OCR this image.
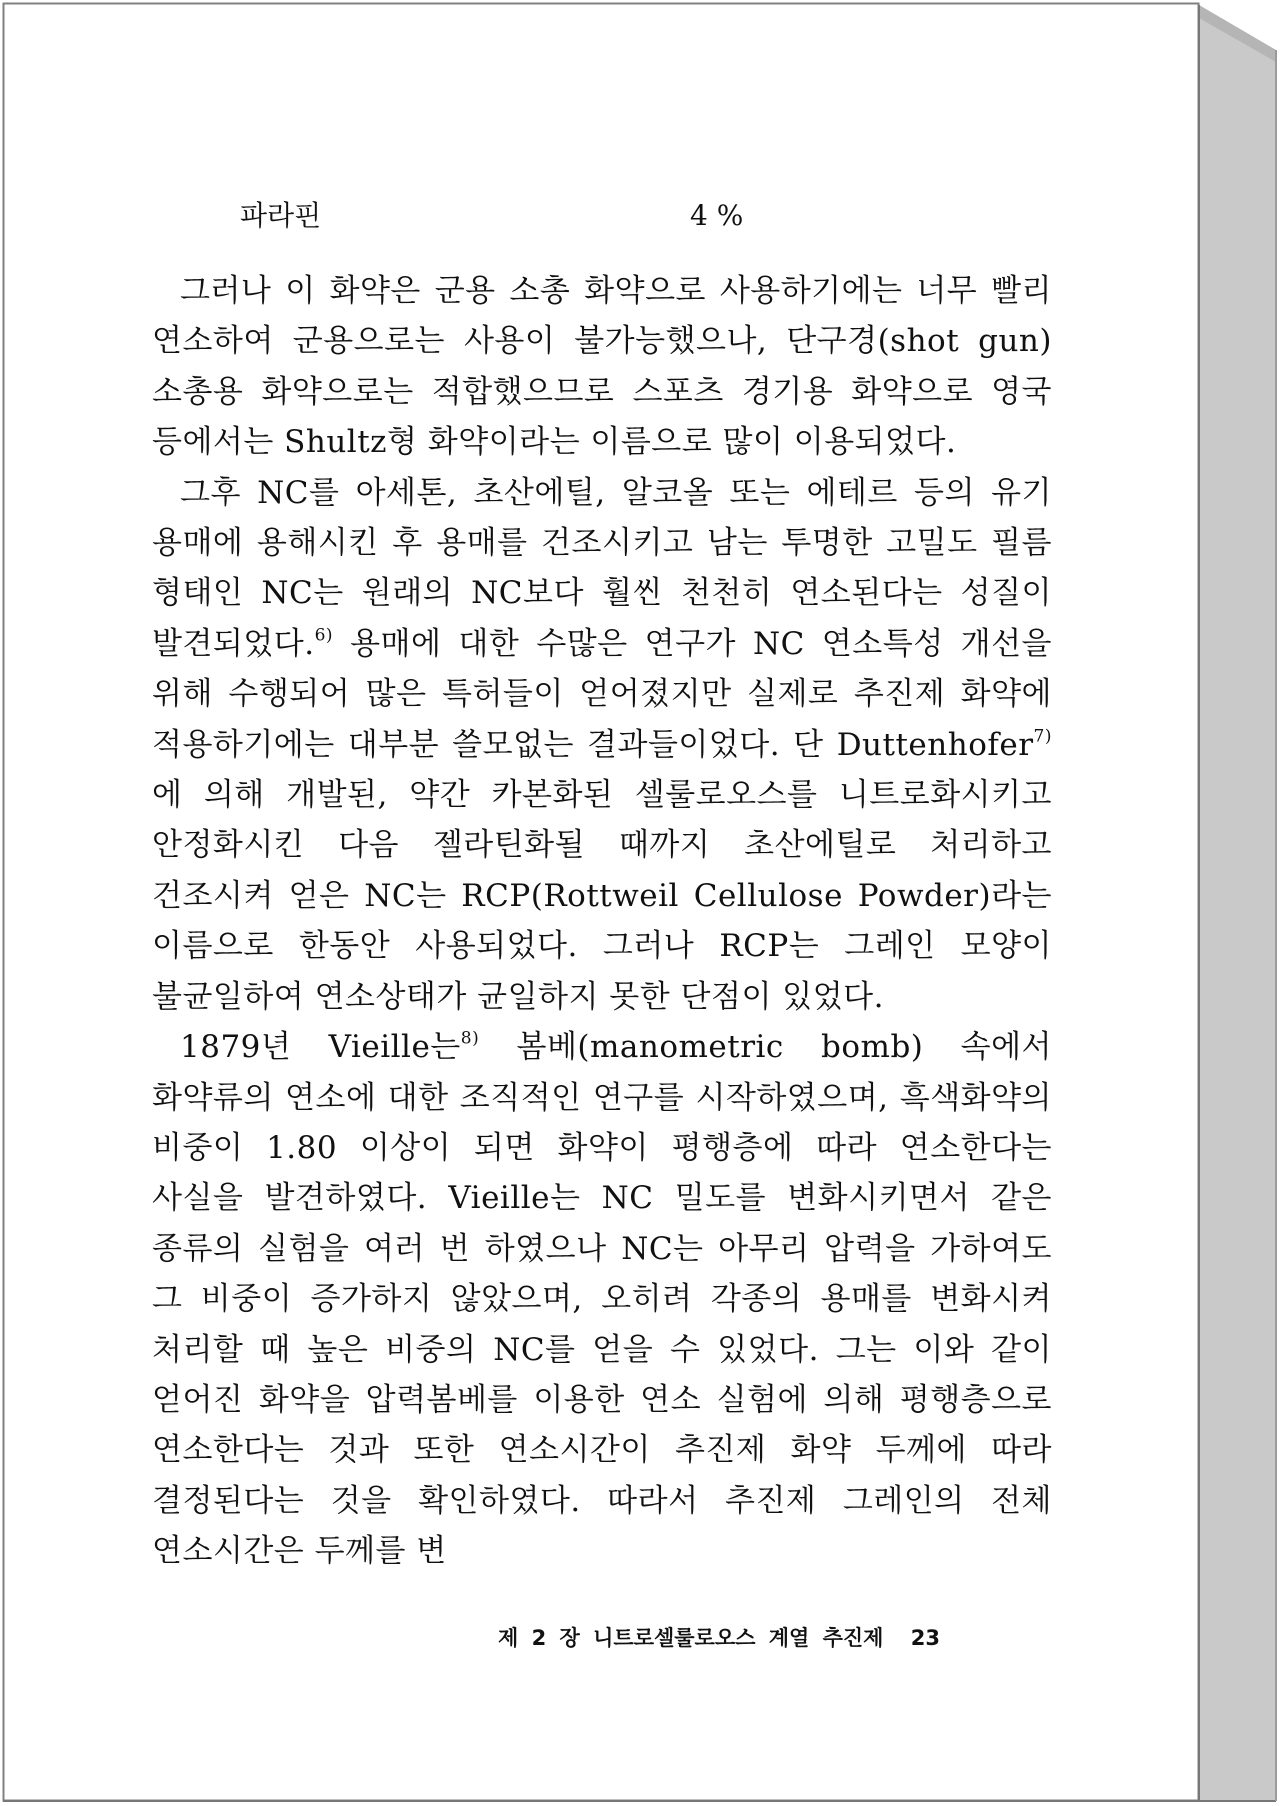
파라핀	4 %

그러나 이 화약은 군용 소총 화약으로 사용하기에는 너무 빨리 연소하여 군용으로는 사용이 불가능했으나, 단구경(shot gun) 소총용 화약으로는 적합했으므로 스포츠 경기용 화약으로 영국 등에서는 Shultz형 화약이라는 이름으로 많이 이용되었다.

그후 NC를 아세톤, 초산에틸, 알코올 또는 에테르 등의 유기 용매에 용해시킨 후 용매를 건조시키고 남는 투명한 고밀도 필름 형태인 NC는 원래의 NC보다 훨씬 천천히 연소된다는 성질이 발견되었다.$^{6)}$ 용매에 대한 수많은 연구가 NC 연소특성 개선을 위해 수행되어 많은 특허들이 얻어졌지만 실제로 추진제 화약에 적용하기에는 대부분 쓸모없는 결과들이었다. 단 Duttenhofer$^{7)}$ 에 의해 개발된, 약간 카본화된 셀룰로오스를 니트로화시키고 안정화시킨 다음 젤라틴화될 때까지 초산에틸로 처리하고 건조시켜 얻은 NC는 RCP(Rottweil Cellulose Powder)라는 이름으로 한동안 사용되었다. 그러나 RCP는 그레인 모양이 불균일하여 연소상태가 균일하지 못한 단점이 있었다.

1879년 Vieille는$^{8)}$ 봄베(manometric bomb) 속에서 화약류의 연소에 대한 조직적인 연구를 시작하였으며, 흑색화약의 비중이 1.80 이상이 되면 화약이 평행층에 따라 연소한다는 사실을 발견하였다. Vieille는 NC 밀도를 변화시키면서 같은 종류의 실험을 여러 번 하였으나 NC는 아무리 압력을 가하여도 그 비중이 증가하지 않았으며, 오히려 각종의 용매를 변화시켜 처리할 때 높은 비중의 NC를 얻을 수 있었다. 그는 이와 같이 얻어진 화약을 압력봄베를 이용한 연소 실험에 의해 평행층으로 연소한다는 것과 또한 연소시간이 추진제 화약 두께에 따라 결정된다는 것을 확인하였다. 따라서 추진제 그레인의 전체 연소시간은 두께를 변

제 2 장 니트로셀룰로오스 계열 추진제 23
